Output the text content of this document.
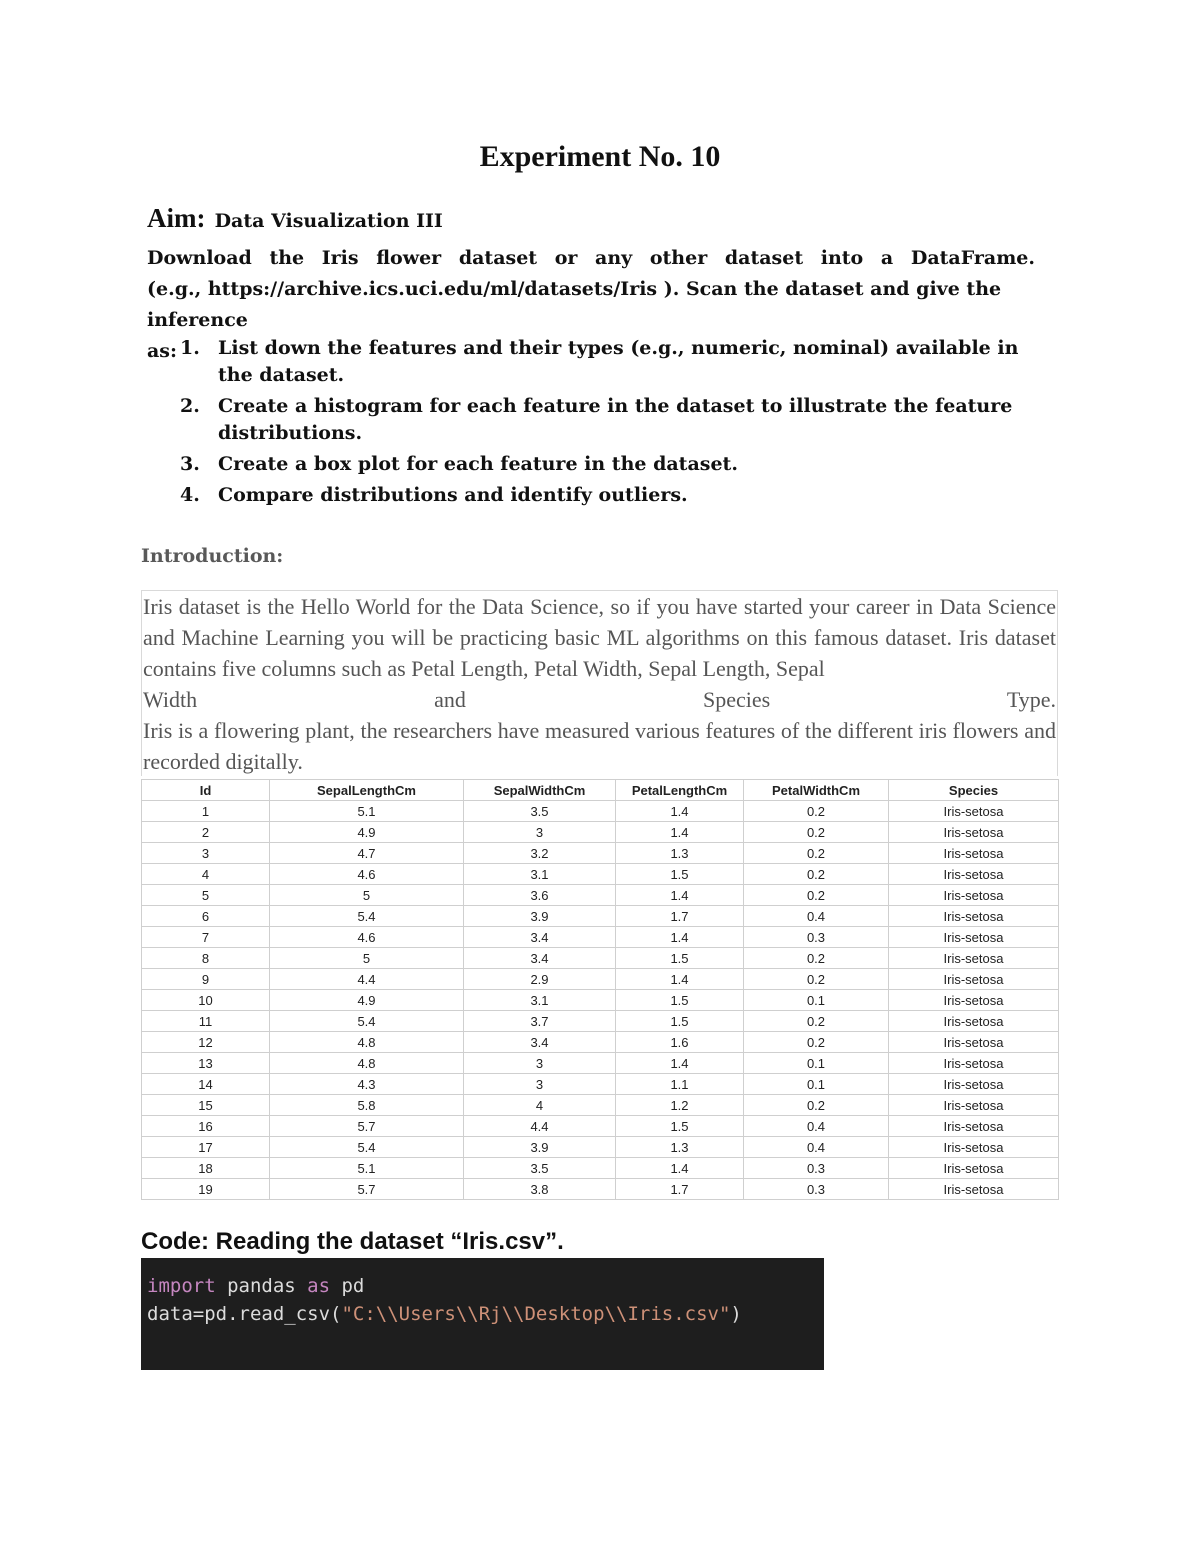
Experiment No. 10
Aim: Data Visualization III

Download the Iris flower dataset or any other dataset into a DataFrame.

(e.g., https://archive.ics.uci.edu/ml/datasets/Iris ). Scan the dataset and give the inference

as: 1. List down the features and their types (e.g., numeric, nominal) available in the dataset.
2. Create a histogram for each feature in the dataset to illustrate the feature distributions.
3. Create a box plot for each feature in the dataset.
4. Compare distributions and identify outliers.
Introduction:

Iris dataset is the Hello World for the Data Science, so if you have started your career in Data Science and Machine Learning you will be practicing basic ML algorithms on this famous dataset. Iris dataset contains five columns such as Petal Length, Petal Width, Sepal Length, Sepal

Width and Species Type.

Iris is a flowering plant, the researchers have measured various features of the different iris flowers and recorded digitally.

Id	SepalLengthCm	SepalWidthCm	PetalLengthCm	PetalWidthCm	Species
1	5.1	3.5	1.4	0.2	Iris-setosa
2	4.9	3	1.4	0.2	Iris-setosa
3	4.7	3.2	1.3	0.2	Iris-setosa
4	4.6	3.1	1.5	0.2	Iris-setosa
5	5	3.6	1.4	0.2	Iris-setosa
6	5.4	3.9	1.7	0.4	Iris-setosa
7	4.6	3.4	1.4	0.3	Iris-setosa
8	5	3.4	1.5	0.2	Iris-setosa
9	4.4	2.9	1.4	0.2	Iris-setosa
10	4.9	3.1	1.5	0.1	Iris-setosa
11	5.4	3.7	1.5	0.2	Iris-setosa
12	4.8	3.4	1.6	0.2	Iris-setosa
13	4.8	3	1.4	0.1	Iris-setosa
14	4.3	3	1.1	0.1	Iris-setosa
15	5.8	4	1.2	0.2	Iris-setosa
16	5.7	4.4	1.5	0.4	Iris-setosa
17	5.4	3.9	1.3	0.4	Iris-setosa
18	5.1	3.5	1.4	0.3	Iris-setosa
19	5.7	3.8	1.7	0.3	Iris-setosa
Code: Reading the dataset “Iris.csv”.
import pandas as pd
data=pd.read_csv("C:\\Users\\Rj\\Desktop\\Iris.csv")
